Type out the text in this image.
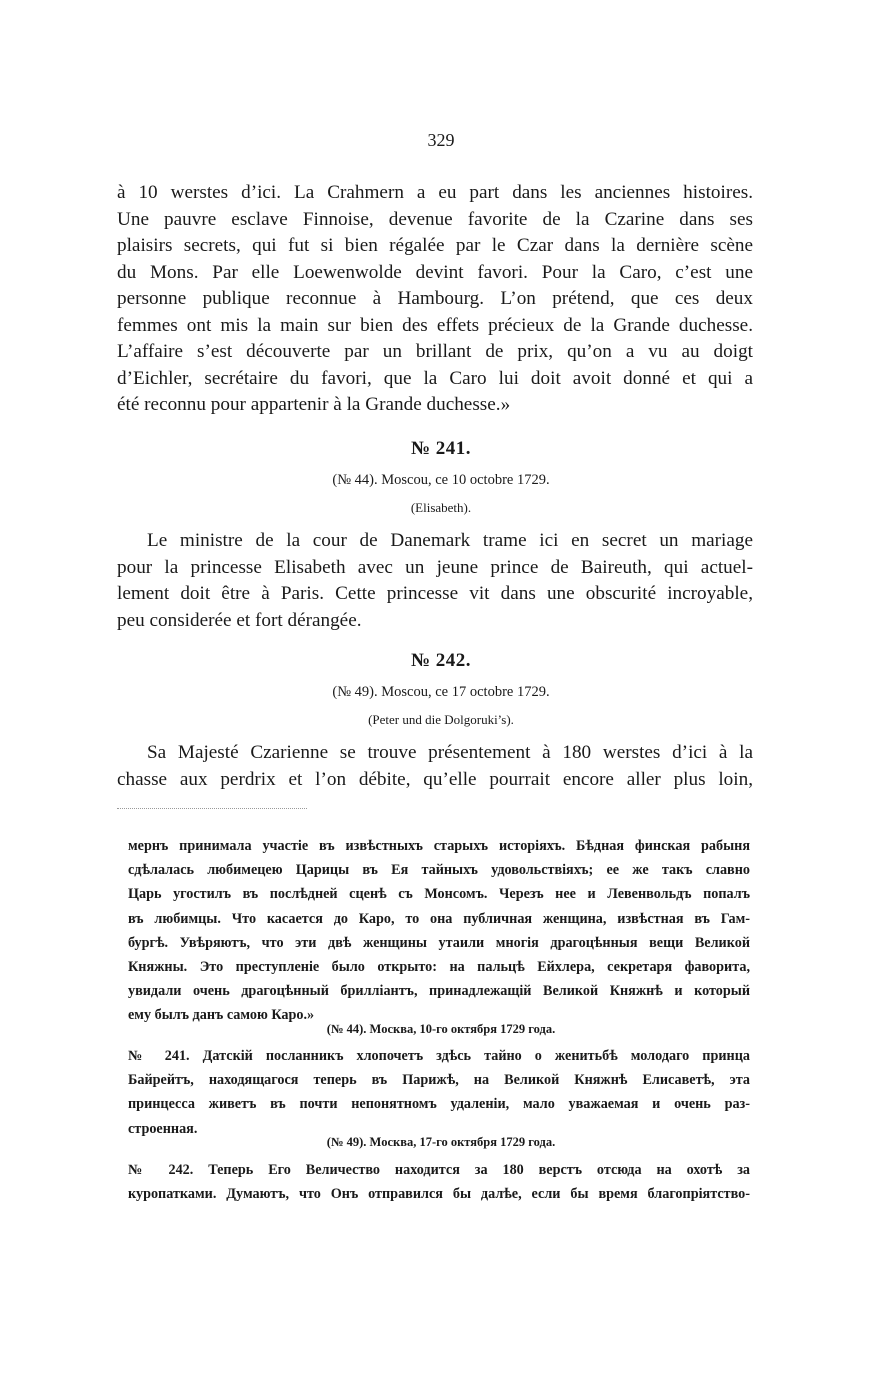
329
à 10 werstes d’ici. La Crahmern a eu part dans les anciennes histoires.
Une pauvre esclave Finnoise, devenue favorite de la Czarine dans ses
plaisirs secrets, qui fut si bien régalée par le Czar dans la dernière scène
du Mons. Par elle Loewenwolde devint favori. Pour la Caro, c’est une
personne publique reconnue à Hambourg. L’on prétend, que ces deux
femmes ont mis la main sur bien des effets précieux de la Grande duchesse.
L’affaire s’est découverte par un brillant de prix, qu’on a vu au doigt
d’Eichler, secrétaire du favori, que la Caro lui doit avoit donné et qui a
été reconnu pour appartenir à la Grande duchesse.»
№ 241.
(№ 44). Moscou, ce 10 octobre 1729.
(Elisabeth).
Le ministre de la cour de Danemark trame ici en secret un mariage
pour la princesse Elisabeth avec un jeune prince de Baireuth, qui actuel-
lement doit être à Paris. Cette princesse vit dans une obscurité incroyable,
peu considerée et fort dérangée.
№ 242.
(№ 49). Moscou, ce 17 octobre 1729.
(Peter und die Dolgoruki’s).
Sa Majesté Czarienne se trouve présentement à 180 werstes d’ici à la
chasse aux perdrix et l’on débite, qu’elle pourrait encore aller plus loin,
мернъ принимала участіе въ извѣстныхъ старыхъ исторіяхъ. Бѣдная финская рабыня
сдѣлалась любимецею Царицы въ Ея тайныхъ удовольствіяхъ; ее же такъ славно
Царь угостилъ въ послѣдней сценѣ съ Монсомъ. Черезъ нее и Левенвольдъ попалъ
въ любимцы. Что касается до Каро, то она публичная женщина, извѣстная въ Гам-
бургѣ. Увѣряютъ, что эти двѣ женщины утаили многія драгоцѣнныя вещи Великой
Княжны. Это преступленіе было открыто: на пальцѣ Ейхлера, секретаря фаворита,
увидали очень драгоцѣнный бриллiантъ, принадлежащій Великой Княжнѣ и который
ему былъ данъ самою Каро.»
(№ 44). Москва, 10-го октября 1729 года.
№ 241. Датскій посланникъ хлопочетъ здѣсь тайно о женитьбѣ молодаго принца
Байрейтъ, находящагося теперь въ Парижѣ, на Великой Княжнѣ Елисаветѣ, эта
принцесса живетъ въ почти непонятномъ удаленіи, мало уважаемая и очень раз-
строенная.
(№ 49). Москва, 17-го октября 1729 года.
№ 242. Теперь Его Величество находится за 180 верстъ отсюда на охотѣ за
куропатками. Думаютъ, что Онъ отправился бы далѣе, если бы время благопріятство-
